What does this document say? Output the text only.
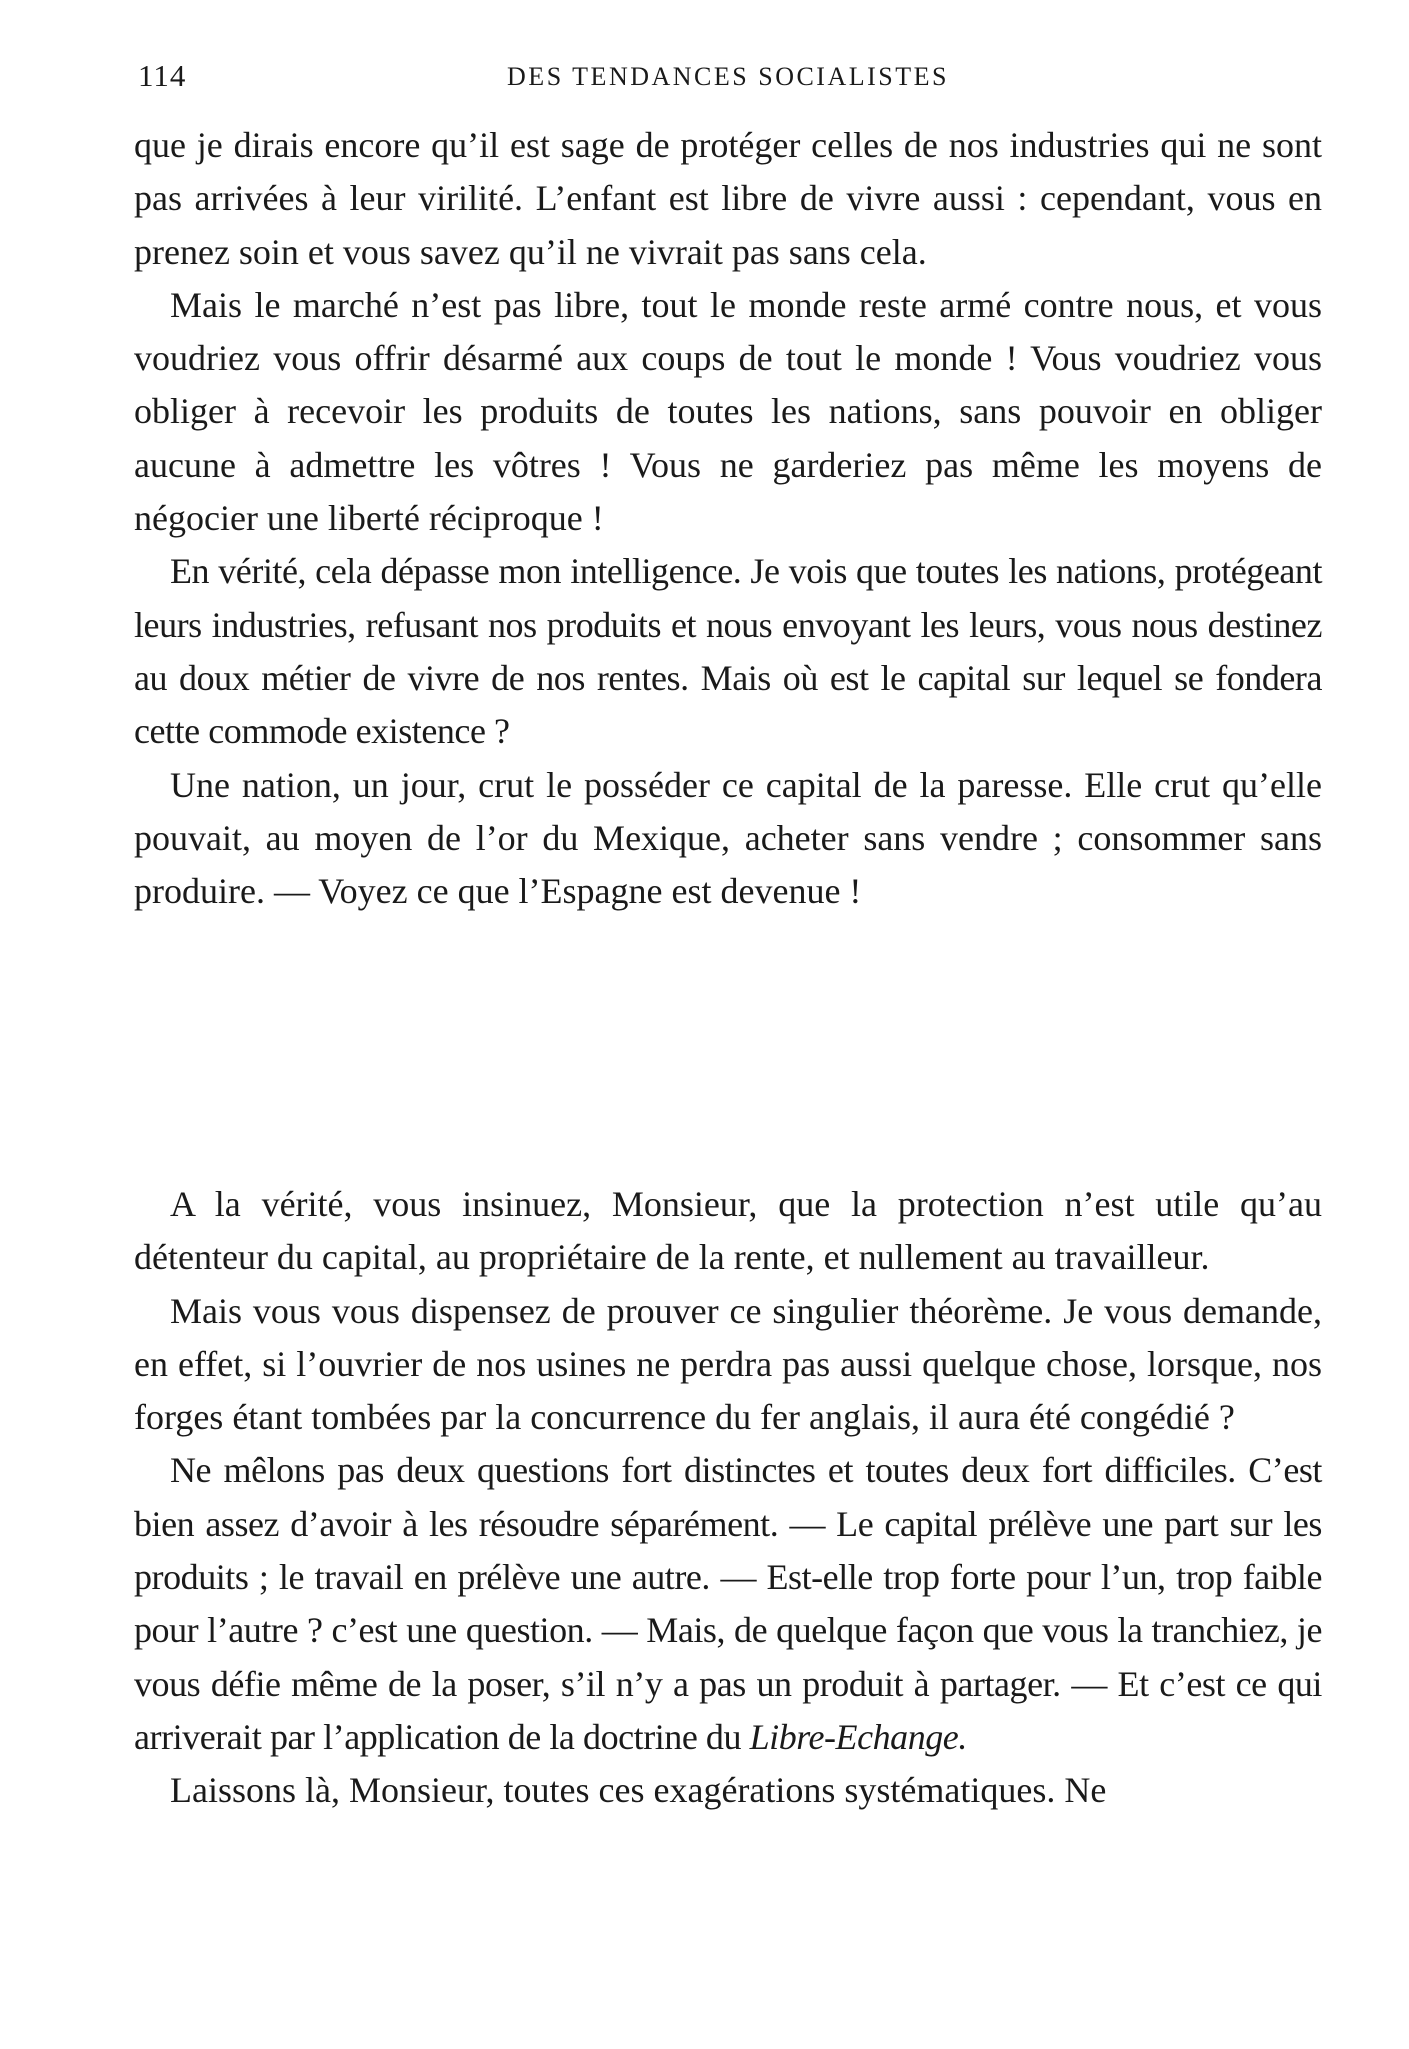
114	DES TENDANCES SOCIALISTES

que je dirais encore qu’il est sage de protéger celles de nos industries qui ne sont pas arrivées à leur virilité. L’enfant est libre de vivre aussi : cependant, vous en prenez soin et vous savez qu’il ne vivrait pas sans cela.

Mais le marché n’est pas libre, tout le monde reste armé contre nous, et vous voudriez vous offrir désarmé aux coups de tout le monde ! Vous voudriez vous obliger à recevoir les produits de toutes les nations, sans pouvoir en obliger aucune à admettre les vôtres ! Vous ne garderiez pas même les moyens de négocier une liberté réciproque !

En vérité, cela dépasse mon intelligence. Je vois que toutes les nations, protégeant leurs industries, refusant nos produits et nous envoyant les leurs, vous nous destinez au doux métier de vivre de nos rentes. Mais où est le capital sur lequel se fondera cette commode existence ?

Une nation, un jour, crut le posséder ce capital de la paresse. Elle crut qu’elle pouvait, au moyen de l’or du Mexique, acheter sans vendre ; consommer sans produire. — Voyez ce que l’Espagne est devenue !

A la vérité, vous insinuez, Monsieur, que la protection n’est utile qu’au détenteur du capital, au propriétaire de la rente, et nullement au travailleur.

Mais vous vous dispensez de prouver ce singulier théorème. Je vous demande, en effet, si l’ouvrier de nos usines ne perdra pas aussi quelque chose, lorsque, nos forges étant tombées par la concurrence du fer anglais, il aura été congédié ?

Ne mêlons pas deux questions fort distinctes et toutes deux fort difficiles. C’est bien assez d’avoir à les résoudre séparément. — Le capital prélève une part sur les produits ; le travail en prélève une autre. — Est-elle trop forte pour l’un, trop faible pour l’autre ? c’est une question. — Mais, de quelque façon que vous la tranchiez, je vous défie même de la poser, s’il n’y a pas un produit à partager. — Et c’est ce qui arriverait par l’application de la doctrine du Libre-Echange.

Laissons là, Monsieur, toutes ces exagérations systématiques. Ne
